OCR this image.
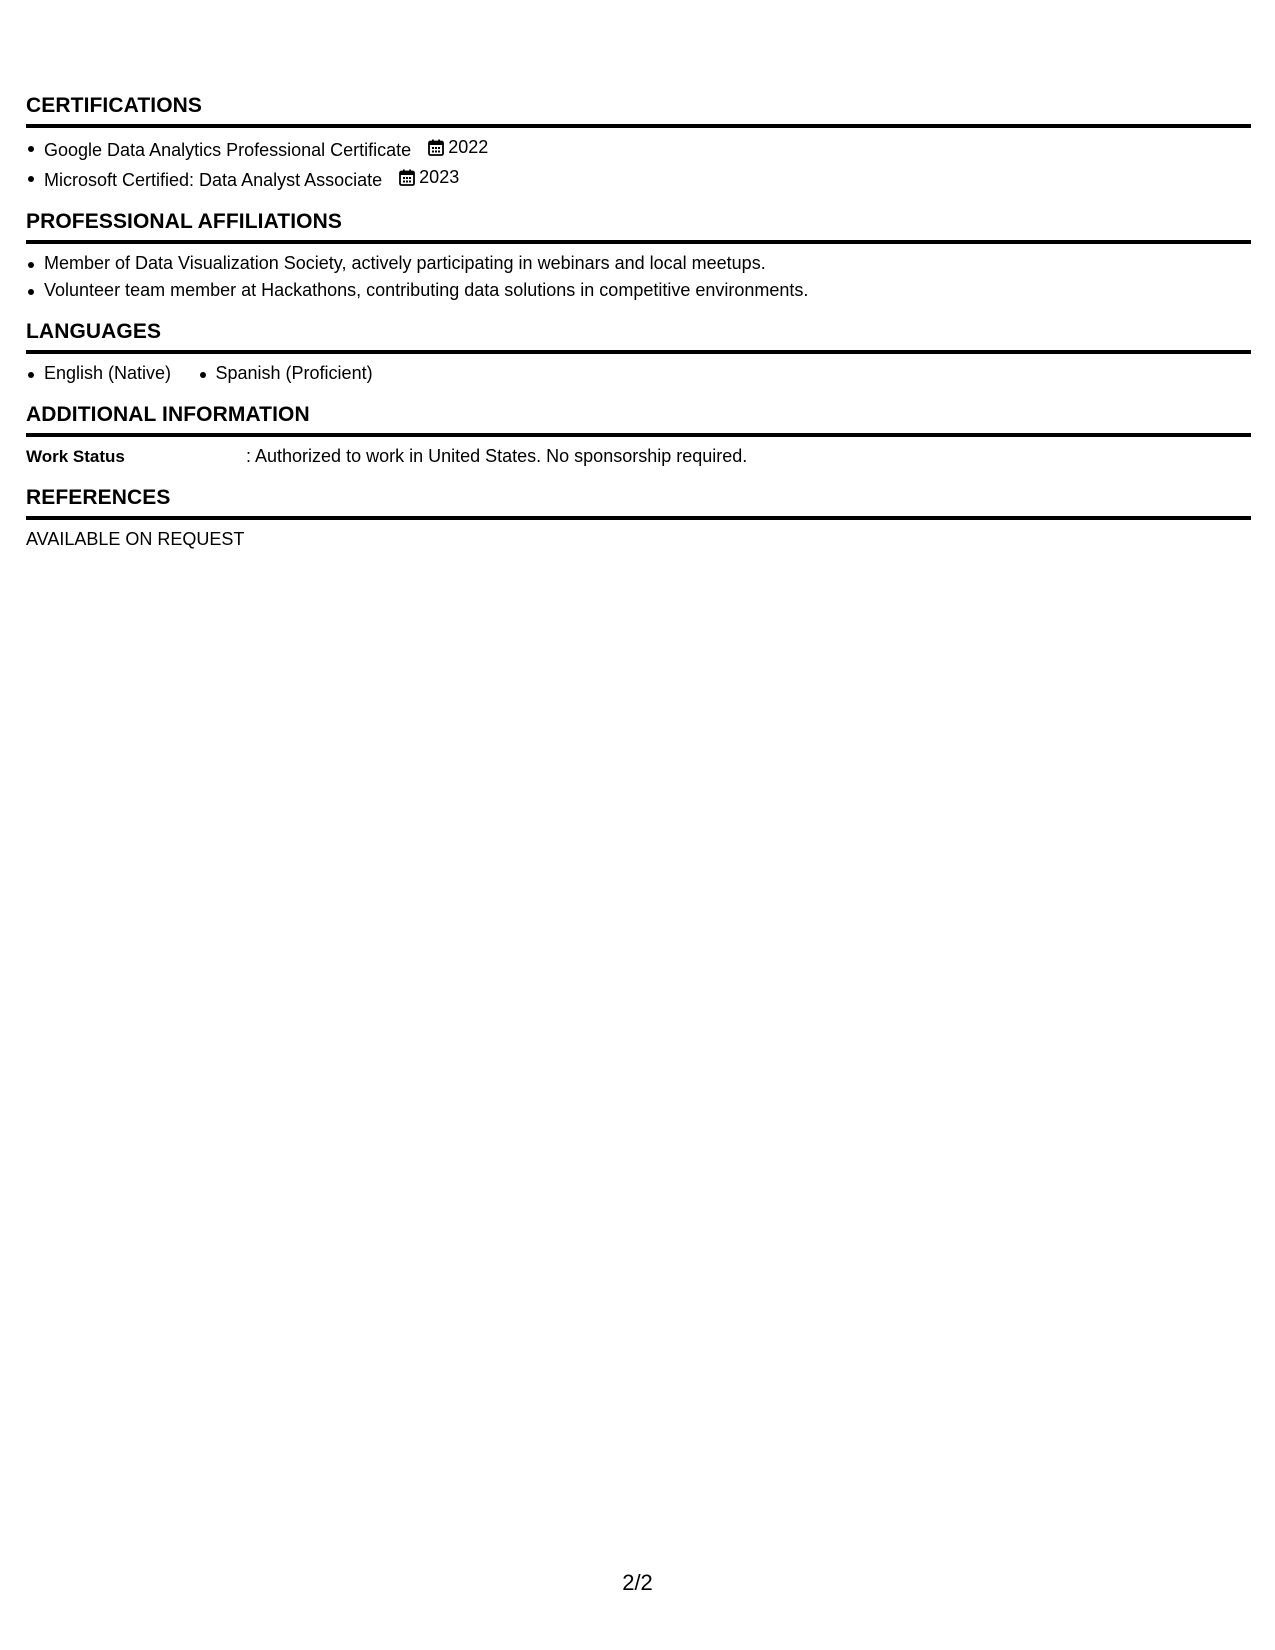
CERTIFICATIONS
Google Data Analytics Professional Certificate 2022
Microsoft Certified: Data Analyst Associate 2023
PROFESSIONAL AFFILIATIONS
Member of Data Visualization Society, actively participating in webinars and local meetups.
Volunteer team member at Hackathons, contributing data solutions in competitive environments.
LANGUAGES
English (Native) Spanish (Proficient)
ADDITIONAL INFORMATION
Work Status	: Authorized to work in United States. No sponsorship required.
REFERENCES
AVAILABLE ON REQUEST
2/2
